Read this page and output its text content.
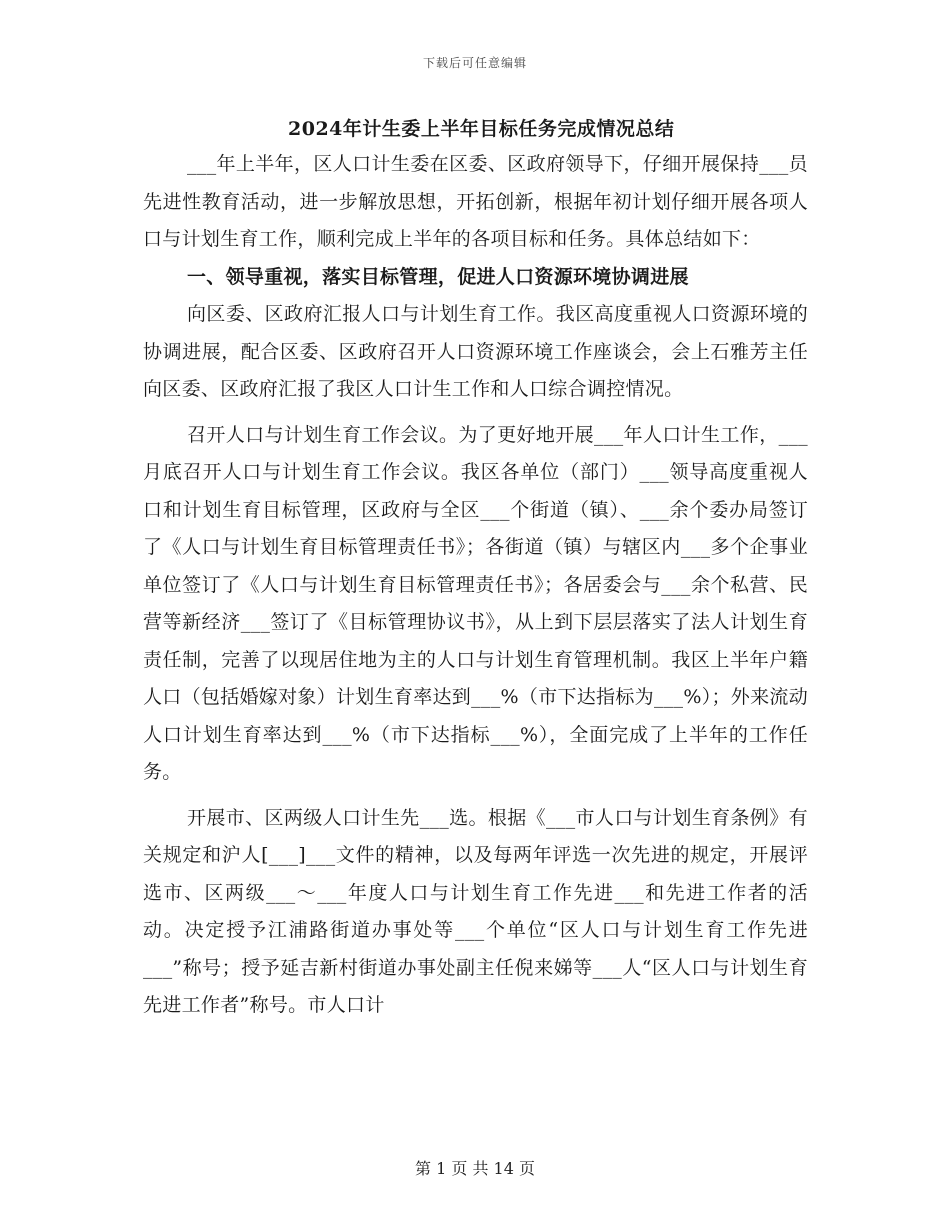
下载后可任意编辑
2024年计生委上半年目标任务完成情况总结

___年上半年，区人口计生委在区委、区政府领导下，仔细开展保持___员先进性教育活动，进一步解放思想，开拓创新，根据年初计划仔细开展各项人口与计划生育工作，顺利完成上半年的各项目标和任务。具体总结如下：

一、领导重视，落实目标管理，促进人口资源环境协调进展

向区委、区政府汇报人口与计划生育工作。我区高度重视人口资源环境的协调进展，配合区委、区政府召开人口资源环境工作座谈会，会上石雅芳主任向区委、区政府汇报了我区人口计生工作和人口综合调控情况。

召开人口与计划生育工作会议。为了更好地开展___年人口计生工作，___月底召开人口与计划生育工作会议。我区各单位（部门）___领导高度重视人口和计划生育目标管理，区政府与全区___个街道（镇）、___余个委办局签订了《人口与计划生育目标管理责任书》；各街道（镇）与辖区内___多个企事业单位签订了《人口与计划生育目标管理责任书》；各居委会与___余个私营、民营等新经济___签订了《目标管理协议书》，从上到下层层落实了法人计划生育责任制，完善了以现居住地为主的人口与计划生育管理机制。我区上半年户籍人口（包括婚嫁对象）计划生育率达到___%（市下达指标为___%）；外来流动人口计划生育率达到___%（市下达指标___%），全面完成了上半年的工作任务。

开展市、区两级人口计生先___选。根据《___市人口与计划生育条例》有关规定和沪人[___]___文件的精神，以及每两年评选一次先进的规定，开展评选市、区两级___～___年度人口与计划生育工作先进___和先进工作者的活动。决定授予江浦路街道办事处等___个单位“区人口与计划生育工作先进___”称号；授予延吉新村街道办事处副主任倪来娣等___人“区人口与计划生育先进工作者”称号。市人口计

第 1 页 共 14 页
